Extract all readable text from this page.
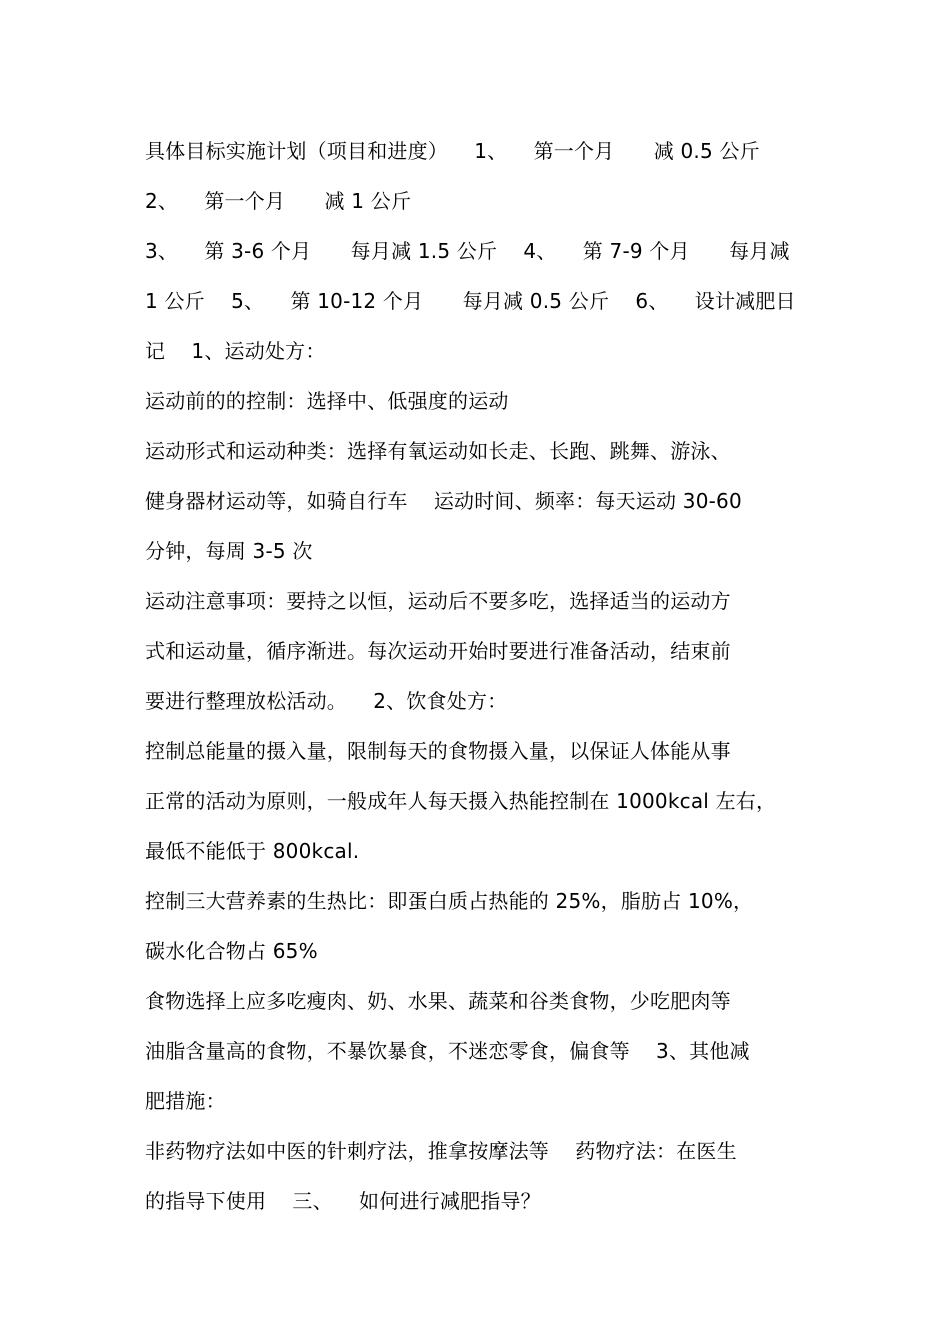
具体目标实施计划（项目和进度）    1、    第一个月      减 0.5 公斤
2、    第一个月      减 1 公斤
3、    第 3-6 个月      每月减 1.5 公斤    4、    第 7-9 个月      每月减
1 公斤    5、    第 10-12 个月      每月减 0.5 公斤    6、    设计减肥日
记    1、运动处方：
运动前的的控制：选择中、低强度的运动
运动形式和运动种类：选择有氧运动如长走、长跑、跳舞、游泳、
健身器材运动等，如骑自行车    运动时间、频率：每天运动 30-60
分钟，每周 3-5 次
运动注意事项：要持之以恒，运动后不要多吃，选择适当的运动方
式和运动量，循序渐进。每次运动开始时要进行准备活动，结束前
要进行整理放松活动。    2、饮食处方：
控制总能量的摄入量，限制每天的食物摄入量，以保证人体能从事
正常的活动为原则，一般成年人每天摄入热能控制在 1000kcal 左右，
最低不能低于 800kcal.
控制三大营养素的生热比：即蛋白质占热能的 25%，脂肪占 10%，
碳水化合物占 65%
食物选择上应多吃瘦肉、奶、水果、蔬菜和谷类食物，少吃肥肉等
油脂含量高的食物，不暴饮暴食，不迷恋零食，偏食等    3、其他减
肥措施：
非药物疗法如中医的针刺疗法，推拿按摩法等    药物疗法：在医生
的指导下使用    三、    如何进行减肥指导？
